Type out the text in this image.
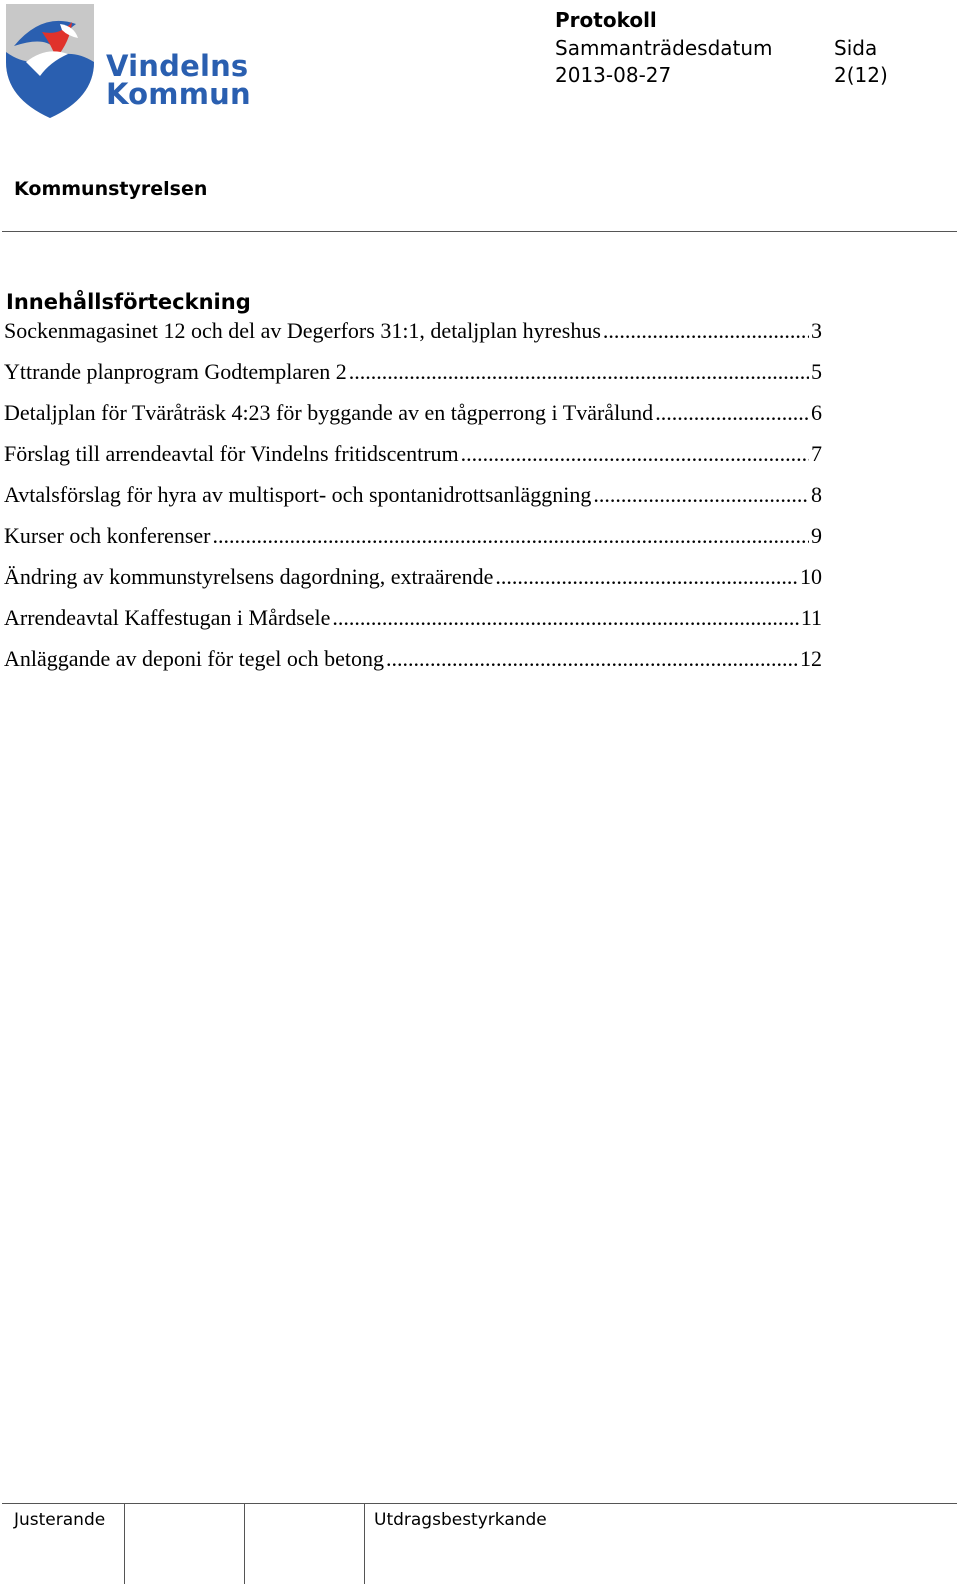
Vindelns
Kommun
Protokoll
Sammanträdesdatum
2013-08-27
Sida
2(12)
Kommunstyrelsen
Innehållsförteckning
Sockenmagasinet 12 och del av Degerfors 31:1, detaljplan hyreshus .....	3
Yttrande planprogram Godtemplaren 2 .....	5
Detaljplan för Tväråträsk 4:23 för byggande av en tågperrong i Tvärålund .....	6
Förslag till arrendeavtal för Vindelns fritidscentrum .....	7
Avtalsförslag för hyra av multisport- och spontanidrottsanläggning .....	8
Kurser och konferenser .....	9
Ändring av kommunstyrelsens dagordning, extraärende .....	10
Arrendeavtal Kaffestugan i Mårdsele .....	11
Anläggande av deponi för tegel och betong .....	12
Justerande	Utdragsbestyrkande
